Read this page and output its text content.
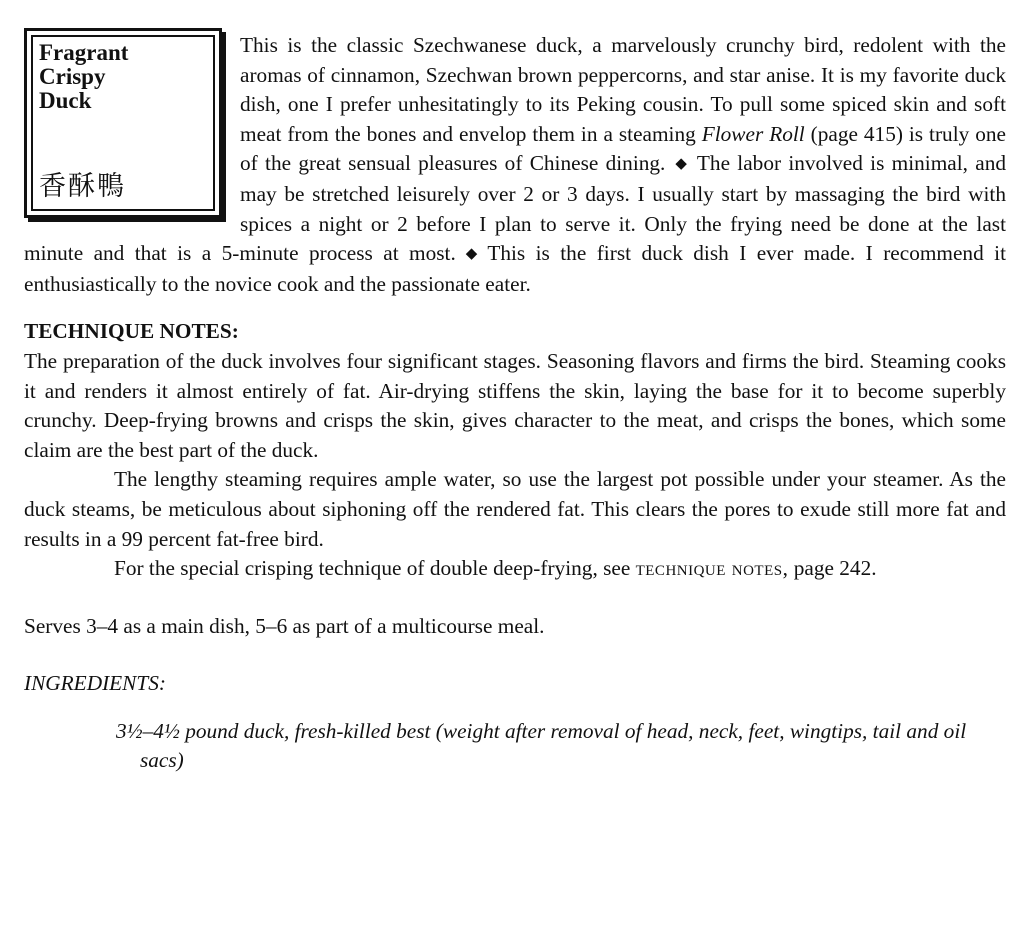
Fragrant
Crispy
Duck
香酥鴨

This is the classic Szechwanese duck, a marvelously crunchy bird, redolent with the aromas of cinnamon, Szechwan brown peppercorns, and star anise. It is my favorite duck dish, one I prefer unhesitatingly to its Peking cousin. To pull some spiced skin and soft meat from the bones and envelop them in a steaming Flower Roll (page 415) is truly one of the great sensual pleasures of Chinese dining. ◆ The labor involved is minimal, and may be stretched leisurely over 2 or 3 days. I usually start by massaging the bird with spices a night or 2 before I plan to serve it. Only the frying need be done at the last minute and that is a 5-minute process at most. ◆ This is the first duck dish I ever made. I recommend it enthusiastically to the novice cook and the passionate eater.

TECHNIQUE NOTES:

The preparation of the duck involves four significant stages. Seasoning flavors and firms the bird. Steaming cooks it and renders it almost entirely of fat. Air-drying stiffens the skin, laying the base for it to become superbly crunchy. Deep-frying browns and crisps the skin, gives character to the meat, and crisps the bones, which some claim are the best part of the duck.

The lengthy steaming requires ample water, so use the largest pot possible under your steamer. As the duck steams, be meticulous about siphoning off the rendered fat. This clears the pores to exude still more fat and results in a 99 percent fat-free bird.

For the special crisping technique of double deep-frying, see technique notes, page 242.

Serves 3–4 as a main dish, 5–6 as part of a multicourse meal.

INGREDIENTS:

3½–4½ pound duck, fresh-killed best (weight after removal of head, neck, feet, wingtips, tail and oil sacs)
